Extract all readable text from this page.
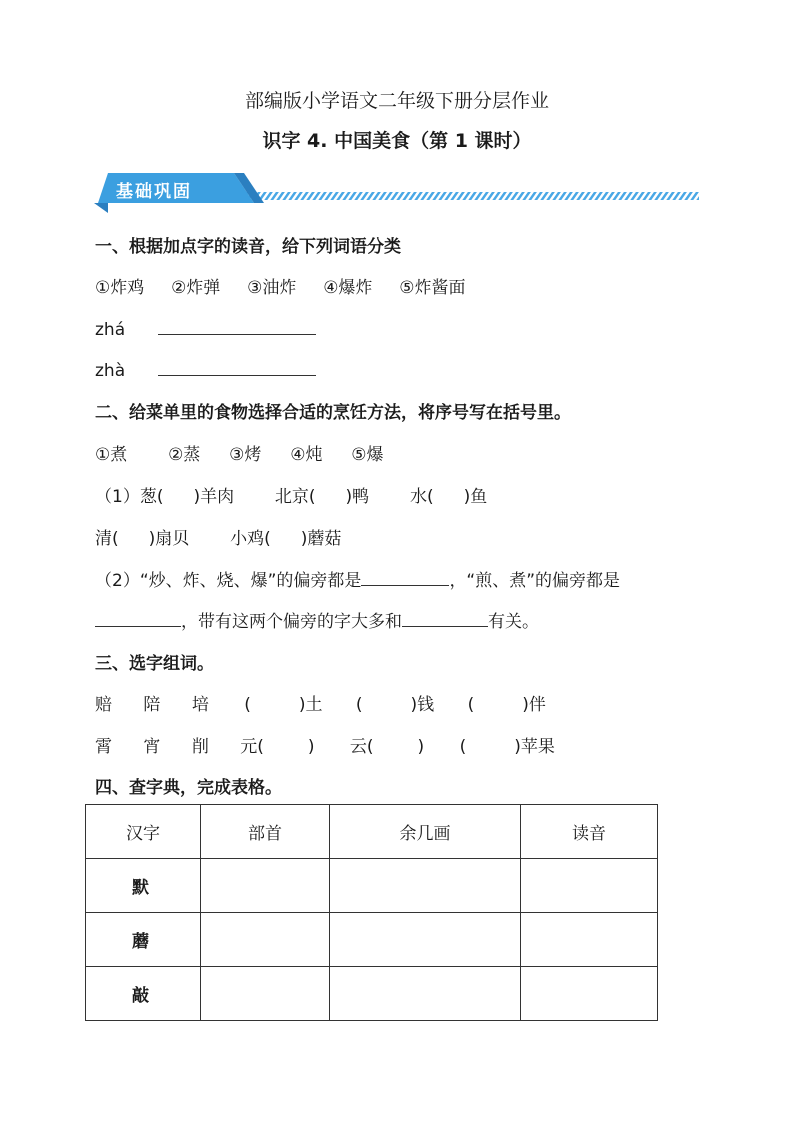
部编版小学语文二年级下册分层作业
识字 4. 中国美食（第 1 课时）
基础巩固
一、根据加点字的读音，给下列词语分类
①炸鸡 ②炸弹 ③油炸 ④爆炸 ⑤炸酱面
zhá
zhà
二、给菜单里的食物选择合适的烹饪方法，将序号写在括号里。
①煮 ②蒸 ③烤 ④炖 ⑤爆
（1）葱( )羊肉 北京( )鸭 水( )鱼
清( )扇贝 小鸡( )蘑菇
（2）“炒、炸、烧、爆”的偏旁都是	，“煎、煮”的偏旁都是
，带有这两个偏旁的字大多和	有关。
三、选字组词。
赔 陪 培 (	)土 (	)钱 (	)伴
霄 宵 削 元(	) 云(	) (	)苹果
四、查字典，完成表格。
汉字	部首	余几画	读音
默			
蘑			
敲			
